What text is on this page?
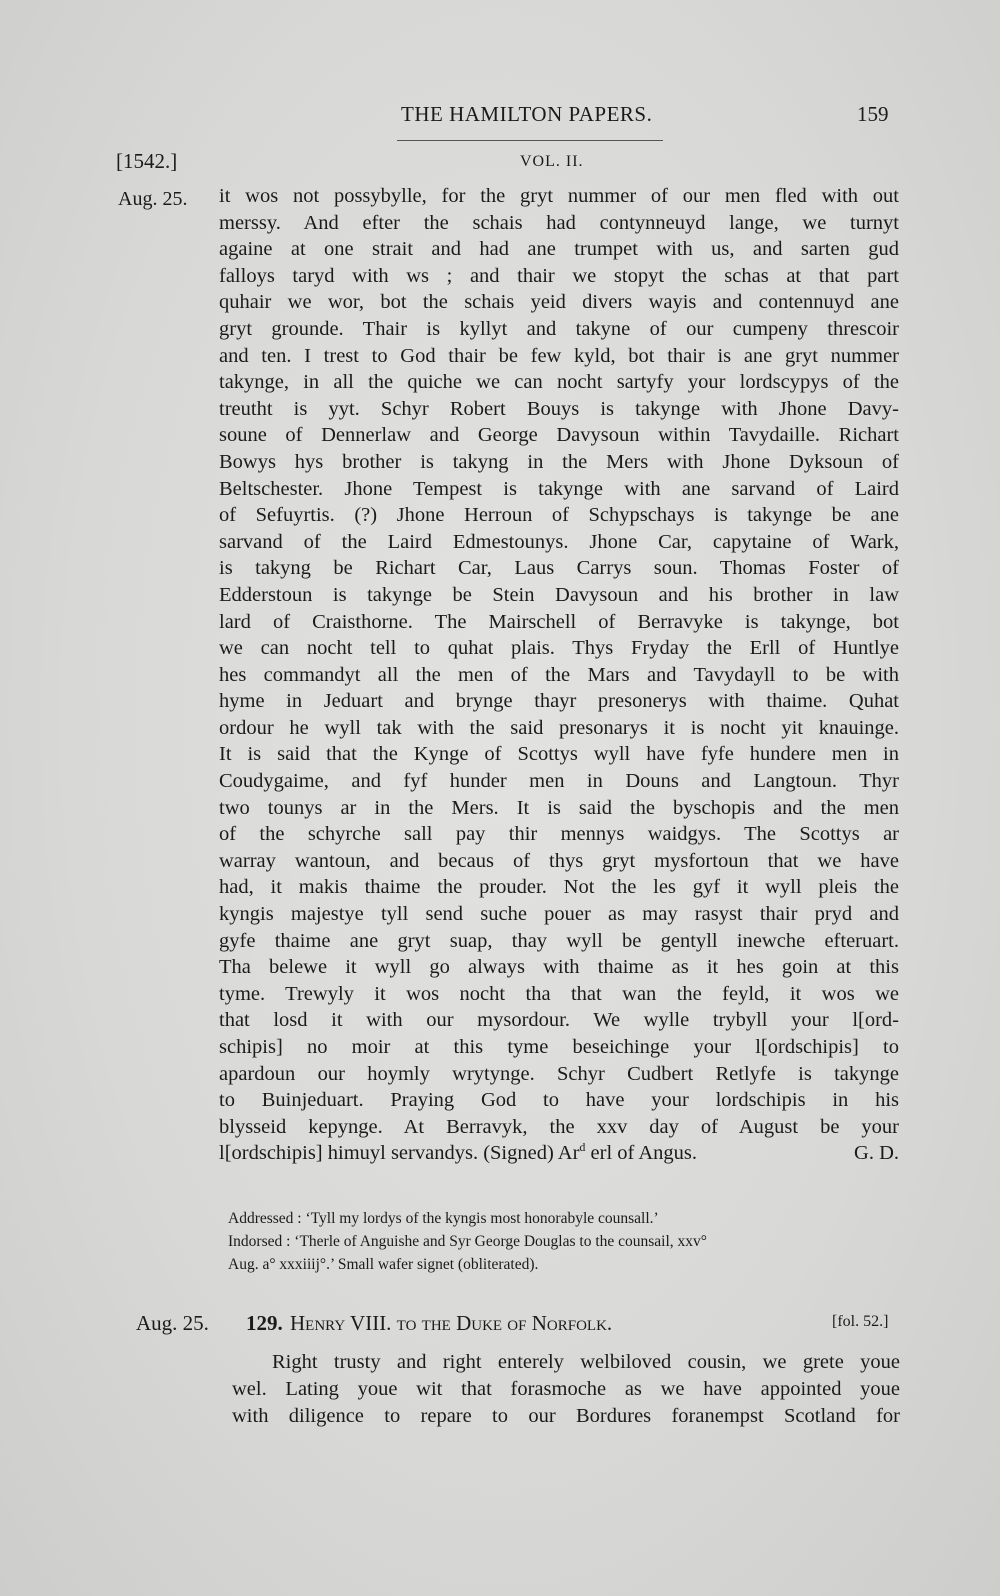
THE HAMILTON PAPERS.	159
[1542.]	VOL. II.
Aug. 25. it wos not possybylle, for the gryt nummer of our men fled with out
merssy. And efter the schais had contynneuyd lange, we turnyt
againe at one strait and had ane trumpet with us, and sarten gud
falloys taryd with ws ; and thair we stopyt the schas at that part
quhair we wor, bot the schais yeid divers wayis and contennuyd ane
gryt grounde. Thair is kyllyt and takyne of our cumpeny threscoir
and ten. I trest to God thair be few kyld, bot thair is ane gryt nummer
takynge, in all the quiche we can nocht sartyfy your lordscypys of the
treutht is yyt. Schyr Robert Bouys is takynge with Jhone Davy-
soune of Dennerlaw and George Davysoun within Tavydaille. Richart
Bowys hys brother is takyng in the Mers with Jhone Dyksoun of
Beltschester. Jhone Tempest is takynge with ane sarvand of Laird
of Sefuyrtis. (?) Jhone Herroun of Schypschays is takynge be ane
sarvand of the Laird Edmestounys. Jhone Car, capytaine of Wark,
is takyng be Richart Car, Laus Carrys soun. Thomas Foster of
Edderstoun is takynge be Stein Davysoun and his brother in law
lard of Craisthorne. The Mairschell of Berravyke is takynge, bot
we can nocht tell to quhat plais. Thys Fryday the Erll of Huntlye
hes commandyt all the men of the Mars and Tavydayll to be with
hyme in Jeduart and brynge thayr presonerys with thaime. Quhat
ordour he wyll tak with the said presonarys it is nocht yit knauinge.
It is said that the Kynge of Scottys wyll have fyfe hundere men in
Coudygaime, and fyf hunder men in Douns and Langtoun. Thyr
two tounys ar in the Mers. It is said the byschopis and the men
of the schyrche sall pay thir mennys waidgys. The Scottys ar
warray wantoun, and becaus of thys gryt mysfortoun that we have
had, it makis thaime the prouder. Not the les gyf it wyll pleis the
kyngis majestye tyll send suche pouer as may rasyst thair pryd and
gyfe thaime ane gryt suap, thay wyll be gentyll inewche efteruart.
Tha belewe it wyll go always with thaime as it hes goin at this
tyme. Trewyly it wos nocht tha that wan the feyld, it wos we
that losd it with our mysordour. We wylle trybyll your l[ord-
schipis] no moir at this tyme beseichinge your l[ordschipis] to
apardoun our hoymly wrytynge. Schyr Cudbert Retlyfe is takynge
to Buinjeduart. Praying God to have your lordschipis in his
blysseid kepynge. At Berravyk, the xxv day of August be your
l[ordschipis] himuyl servandys. (Signed) Ar$^d$ erl of Angus.	G. D.
Addressed : ‘Tyll my lordys of the kyngis most honorabyle counsall.’
Indorsed : ‘Therle of Anguishe and Syr George Douglas to the counsail, xxv°
Aug. a° xxxiiij°.’ Small wafer signet (obliterated).
Aug. 25. 129. Henry VIII. to the Duke of Norfolk.	[fol. 52.]
Right trusty and right enterely welbiloved cousin, we grete youe
wel. Lating youe wit that forasmoche as we have appointed youe
with diligence to repare to our Bordures foranempst Scotland for
